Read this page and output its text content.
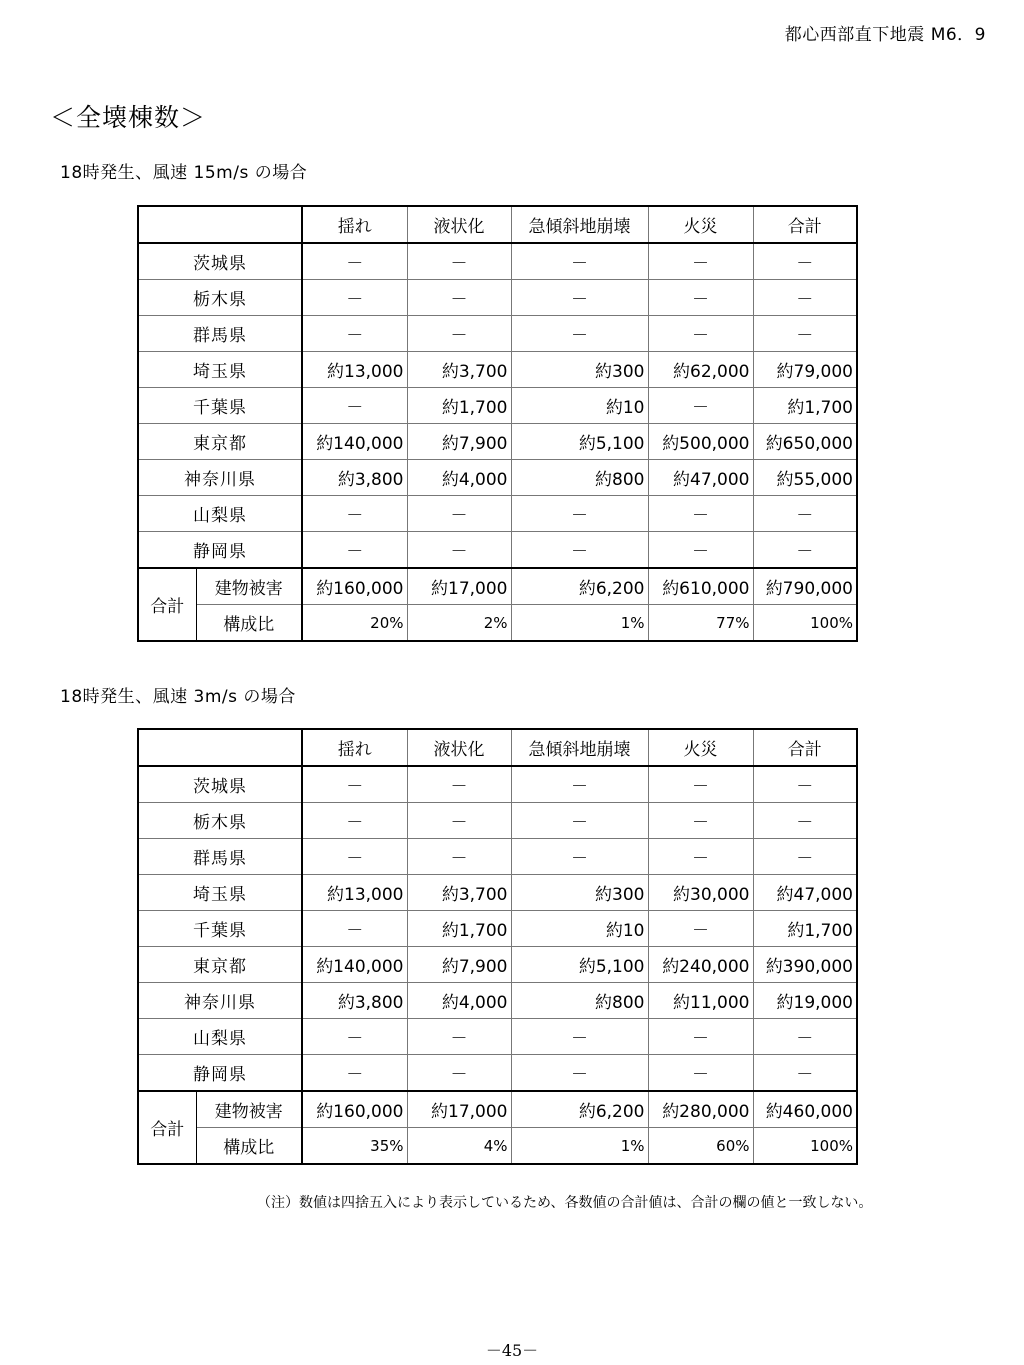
都心西部直下地震 M6．9
＜全壊棟数＞
18時発生、風速 15m/s の場合
		揺れ	液状化	急傾斜地崩壊	火災	合計
茨城県		－	－	－	－	－
栃木県		－	－	－	－	－
群馬県		－	－	－	－	－
埼玉県		約13,000	約3,700	約300	約62,000	約79,000
千葉県		－	約1,700	約10	－	約1,700
東京都		約140,000	約7,900	約5,100	約500,000	約650,000
神奈川県		約3,800	約4,000	約800	約47,000	約55,000
山梨県		－	－	－	－	－
静岡県		－	－	－	－	－
合計	建物被害	約160,000	約17,000	約6,200	約610,000	約790,000
	構成比	20%	2%	1%	77%	100%
18時発生、風速 3m/s の場合
		揺れ	液状化	急傾斜地崩壊	火災	合計
茨城県		－	－	－	－	－
栃木県		－	－	－	－	－
群馬県		－	－	－	－	－
埼玉県		約13,000	約3,700	約300	約30,000	約47,000
千葉県		－	約1,700	約10	－	約1,700
東京都		約140,000	約7,900	約5,100	約240,000	約390,000
神奈川県		約3,800	約4,000	約800	約11,000	約19,000
山梨県		－	－	－	－	－
静岡県		－	－	－	－	－
合計	建物被害	約160,000	約17,000	約6,200	約280,000	約460,000
	構成比	35%	4%	1%	60%	100%
（注）数値は四捨五入により表示しているため、各数値の合計値は、合計の欄の値と一致しない。
－45－
